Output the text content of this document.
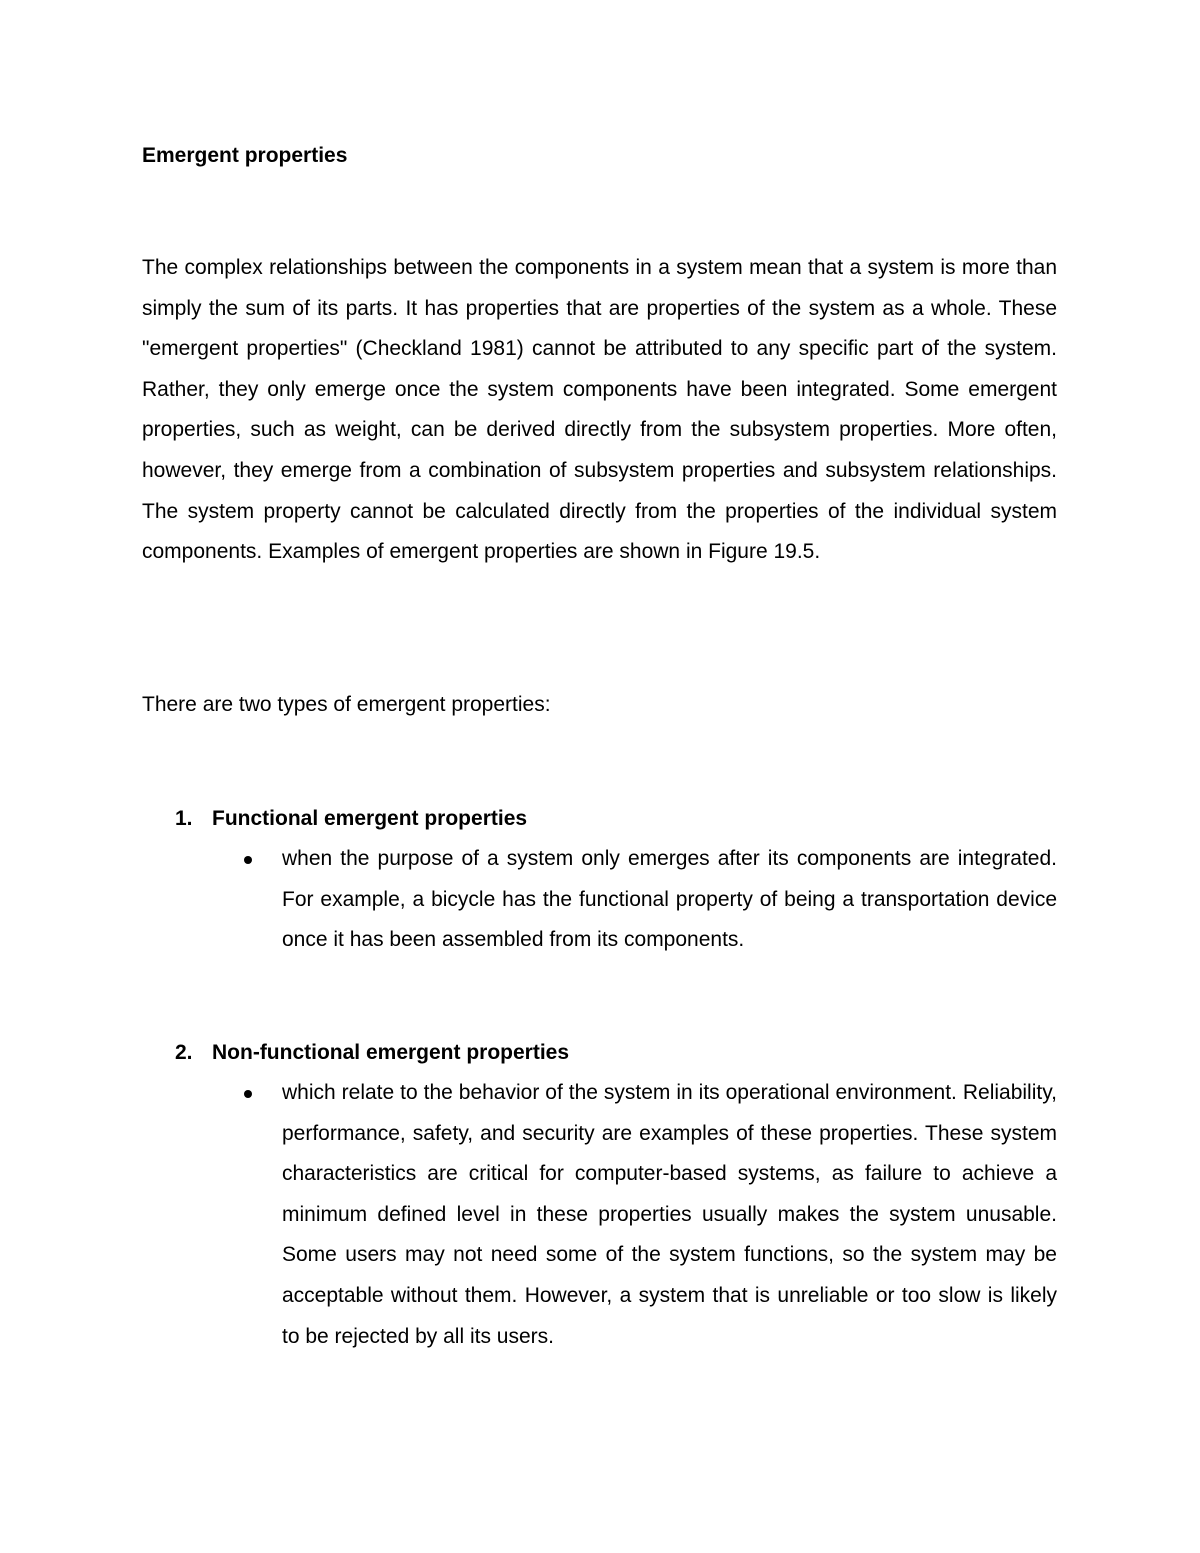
Emergent properties

The complex relationships between the components in a system mean that a system is more than simply the sum of its parts. It has properties that are properties of the system as a whole. These "emergent properties" (Checkland 1981) cannot be attributed to any specific part of the system. Rather, they only emerge once the system components have been integrated. Some emergent properties, such as weight, can be derived directly from the subsystem properties. More often, however, they emerge from a combination of subsystem properties and subsystem relationships. The system property cannot be calculated directly from the properties of the individual system components. Examples of emergent properties are shown in Figure 19.5.

There are two types of emergent properties:

1. Functional emergent properties

when the purpose of a system only emerges after its components are integrated. For example, a bicycle has the functional property of being a transportation device once it has been assembled from its components.

2. Non-functional emergent properties

which relate to the behavior of the system in its operational environment. Reliability, performance, safety, and security are examples of these properties. These system characteristics are critical for computer-based systems, as failure to achieve a minimum defined level in these properties usually makes the system unusable. Some users may not need some of the system functions, so the system may be acceptable without them. However, a system that is unreliable or too slow is likely to be rejected by all its users.
